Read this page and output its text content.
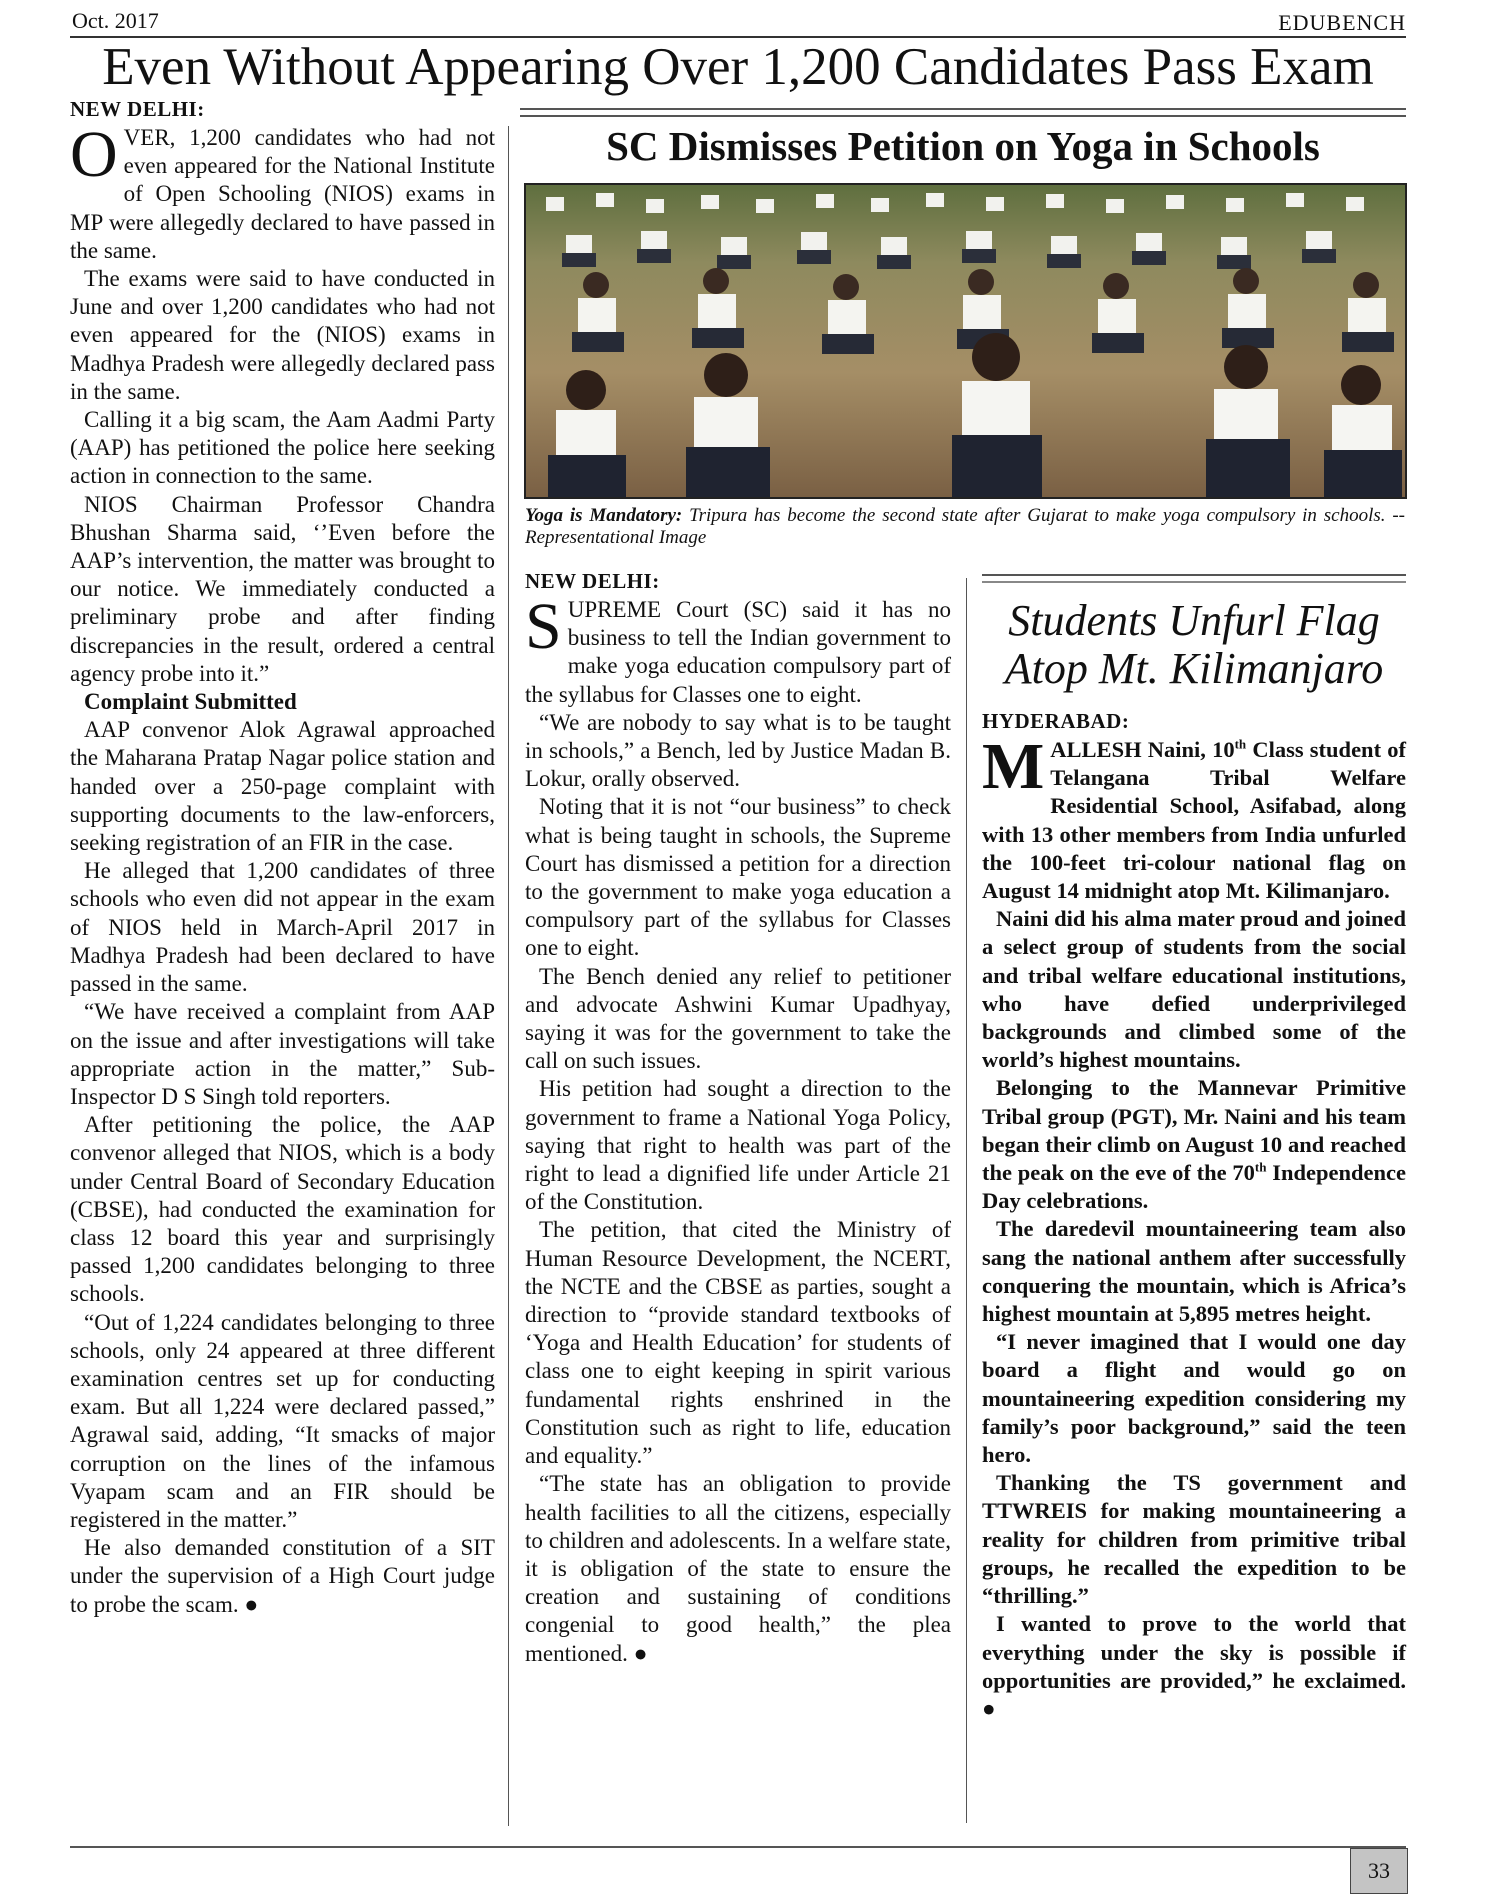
Oct. 2017	EDUBENCH
Even Without Appearing Over 1,200 Candidates Pass Exam
NEW DELHI:

OVER, 1,200 candidates who had not even appeared for the National Institute of Open Schooling (NIOS) exams in MP were allegedly declared to have passed in the same.

The exams were said to have conducted in June and over 1,200 candidates who had not even appeared for the (NIOS) exams in Madhya Pradesh were allegedly declared pass in the same.

Calling it a big scam, the Aam Aadmi Party (AAP) has petitioned the police here seeking action in connection to the same.

NIOS Chairman Professor Chandra Bhushan Sharma said, ‘’Even before the AAP’s intervention, the matter was brought to our notice. We immediately conducted a preliminary probe and after finding discrepancies in the result, ordered a central agency probe into it.”

Complaint Submitted

AAP convenor Alok Agrawal approached the Maharana Pratap Nagar police station and handed over a 250-page complaint with supporting documents to the law-enforcers, seeking registration of an FIR in the case.

He alleged that 1,200 candidates of three schools who even did not appear in the exam of NIOS held in March-April 2017 in Madhya Pradesh had been declared to have passed in the same.

“We have received a complaint from AAP on the issue and after investigations will take appropriate action in the matter,” Sub-Inspector D S Singh told reporters.

After petitioning the police, the AAP convenor alleged that NIOS, which is a body under Central Board of Secondary Education (CBSE), had conducted the examination for class 12 board this year and surprisingly passed 1,200 candidates belonging to three schools.

“Out of 1,224 candidates belonging to three schools, only 24 appeared at three different examination centres set up for conducting exam. But all 1,224 were declared passed,” Agrawal said, adding, “It smacks of major corruption on the lines of the infamous Vyapam scam and an FIR should be registered in the matter.”

He also demanded constitution of a SIT under the supervision of a High Court judge to probe the scam. ●

SC Dismisses Petition on Yoga in Schools
Yoga is Mandatory: Tripura has become the second state after Gujarat to make yoga compulsory in schools. -- Representational Image
NEW DELHI:

SUPREME Court (SC) said it has no business to tell the Indian government to make yoga education compulsory part of the syllabus for Classes one to eight.

“We are nobody to say what is to be taught in schools,” a Bench, led by Justice Madan B. Lokur, orally observed.

Noting that it is not “our business” to check what is being taught in schools, the Supreme Court has dismissed a petition for a direction to the government to make yoga education a compulsory part of the syllabus for Classes one to eight.

The Bench denied any relief to petitioner and advocate Ashwini Kumar Upadhyay, saying it was for the government to take the call on such issues.

His petition had sought a direction to the government to frame a National Yoga Policy, saying that right to health was part of the right to lead a dignified life under Article 21 of the Constitution.

The petition, that cited the Ministry of Human Resource Development, the NCERT, the NCTE and the CBSE as parties, sought a direction to “provide standard textbooks of ‘Yoga and Health Education’ for students of class one to eight keeping in spirit various fundamental rights enshrined in the Constitution such as right to life, education and equality.”

“The state has an obligation to provide health facilities to all the citizens, especially to children and adolescents. In a welfare state, it is obligation of the state to ensure the creation and sustaining of conditions congenial to good health,” the plea mentioned. ●

Students Unfurl Flag Atop Mt. Kilimanjaro
HYDERABAD:

MALLESH Naini, 10th Class student of Telangana Tribal Welfare Residential School, Asifabad, along with 13 other members from India unfurled the 100-feet tri-colour national flag on August 14 midnight atop Mt. Kilimanjaro.

Naini did his alma mater proud and joined a select group of students from the social and tribal welfare educational institutions, who have defied underprivileged backgrounds and climbed some of the world’s highest mountains.

Belonging to the Mannevar Primitive Tribal group (PGT), Mr. Naini and his team began their climb on August 10 and reached the peak on the eve of the 70th Independence Day celebrations.

The daredevil mountaineering team also sang the national anthem after successfully conquering the mountain, which is Africa’s highest mountain at 5,895 metres height.

“I never imagined that I would one day board a flight and would go on mountaineering expedition considering my family’s poor background,” said the teen hero.

Thanking the TS government and TTWREIS for making mountaineering a reality for children from primitive tribal groups, he recalled the expedition to be “thrilling.”

I wanted to prove to the world that everything under the sky is possible if opportunities are provided,” he exclaimed. ●

33
